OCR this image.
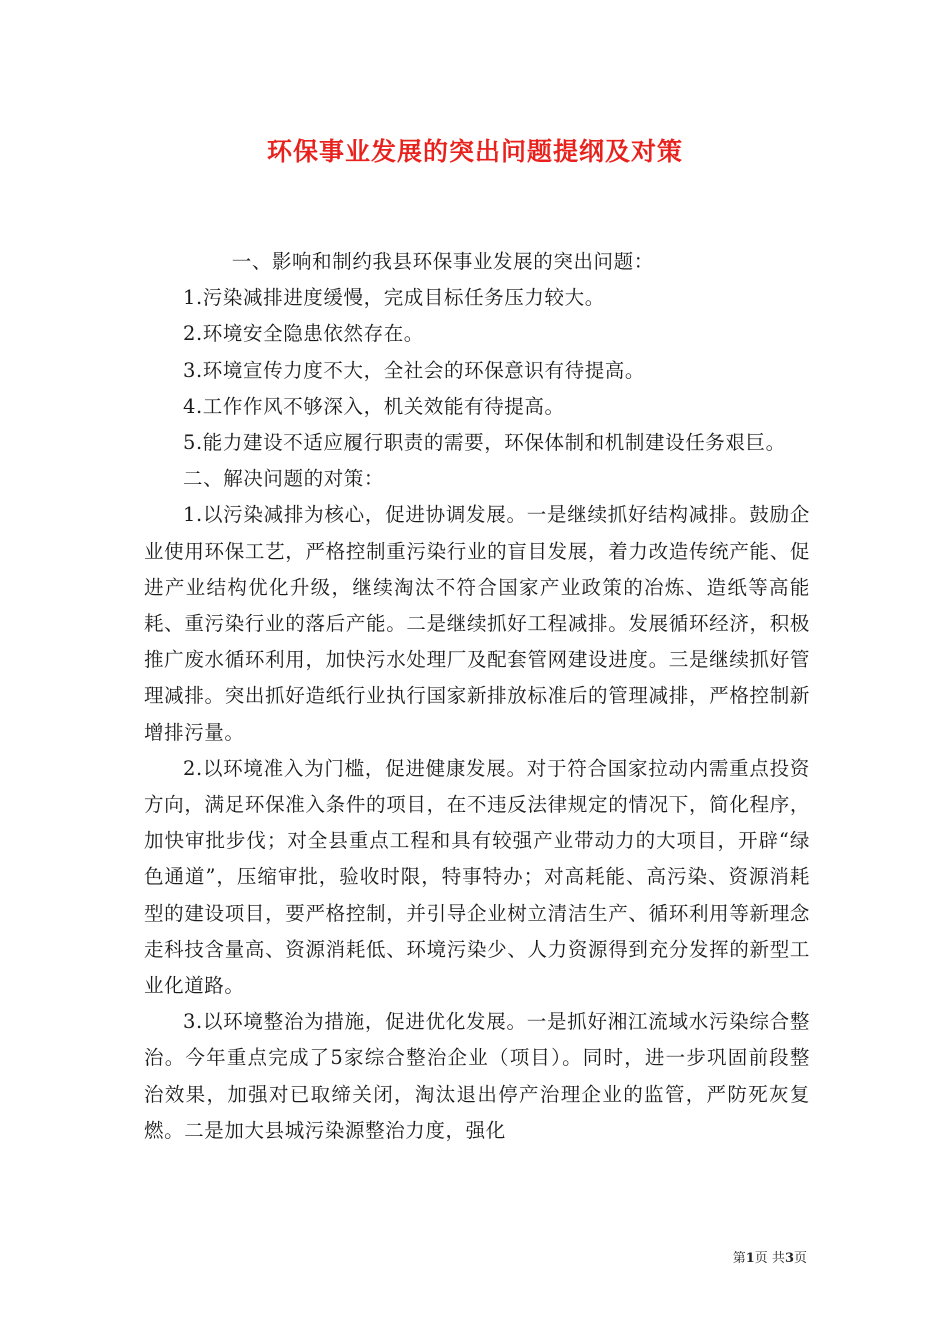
环保事业发展的突出问题提纲及对策

一、影响和制约我县环保事业发展的突出问题：

1.污染减排进度缓慢，完成目标任务压力较大。

2.环境安全隐患依然存在。

3.环境宣传力度不大，全社会的环保意识有待提高。

4.工作作风不够深入，机关效能有待提高。

5.能力建设不适应履行职责的需要，环保体制和机制建设任务艰巨。

二、解决问题的对策：

1.以污染减排为核心，促进协调发展。一是继续抓好结构减排。鼓励企业使用环保工艺，严格控制重污染行业的盲目发展，着力改造传统产能、促进产业结构优化升级，继续淘汰不符合国家产业政策的冶炼、造纸等高能耗、重污染行业的落后产能。二是继续抓好工程减排。发展循环经济，积极推广废水循环利用，加快污水处理厂及配套管网建设进度。三是继续抓好管理减排。突出抓好造纸行业执行国家新排放标准后的管理减排，严格控制新增排污量。

2.以环境准入为门槛，促进健康发展。对于符合国家拉动内需重点投资方向，满足环保准入条件的项目，在不违反法律规定的情况下，简化程序，加快审批步伐；对全县重点工程和具有较强产业带动力的大项目，开辟“绿色通道”，压缩审批，验收时限，特事特办；对高耗能、高污染、资源消耗型的建设项目，要严格控制，并引导企业树立清洁生产、循环利用等新理念走科技含量高、资源消耗低、环境污染少、人力资源得到充分发挥的新型工业化道路。

3.以环境整治为措施，促进优化发展。一是抓好湘江流域水污染综合整治。今年重点完成了5家综合整治企业（项目）。同时，进一步巩固前段整治效果，加强对已取缔关闭，淘汰退出停产治理企业的监管，严防死灰复燃。二是加大县城污染源整治力度，强化

第1页 共3页
